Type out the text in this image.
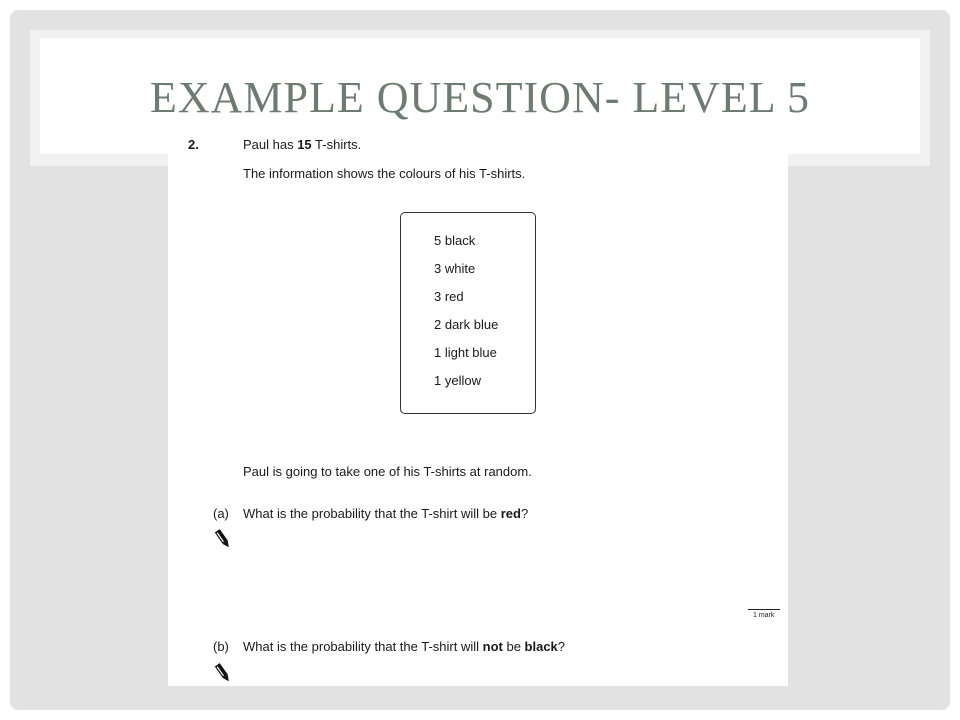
EXAMPLE QUESTION- LEVEL 5
2.	Paul has 15 T-shirts.
The information shows the colours of his T-shirts.
5 black
3 white
3 red
2 dark blue
1 light blue
1 yellow
Paul is going to take one of his T-shirts at random.
(a) What is the probability that the T-shirt will be red?
1 mark
(b) What is the probability that the T-shirt will not be black?
